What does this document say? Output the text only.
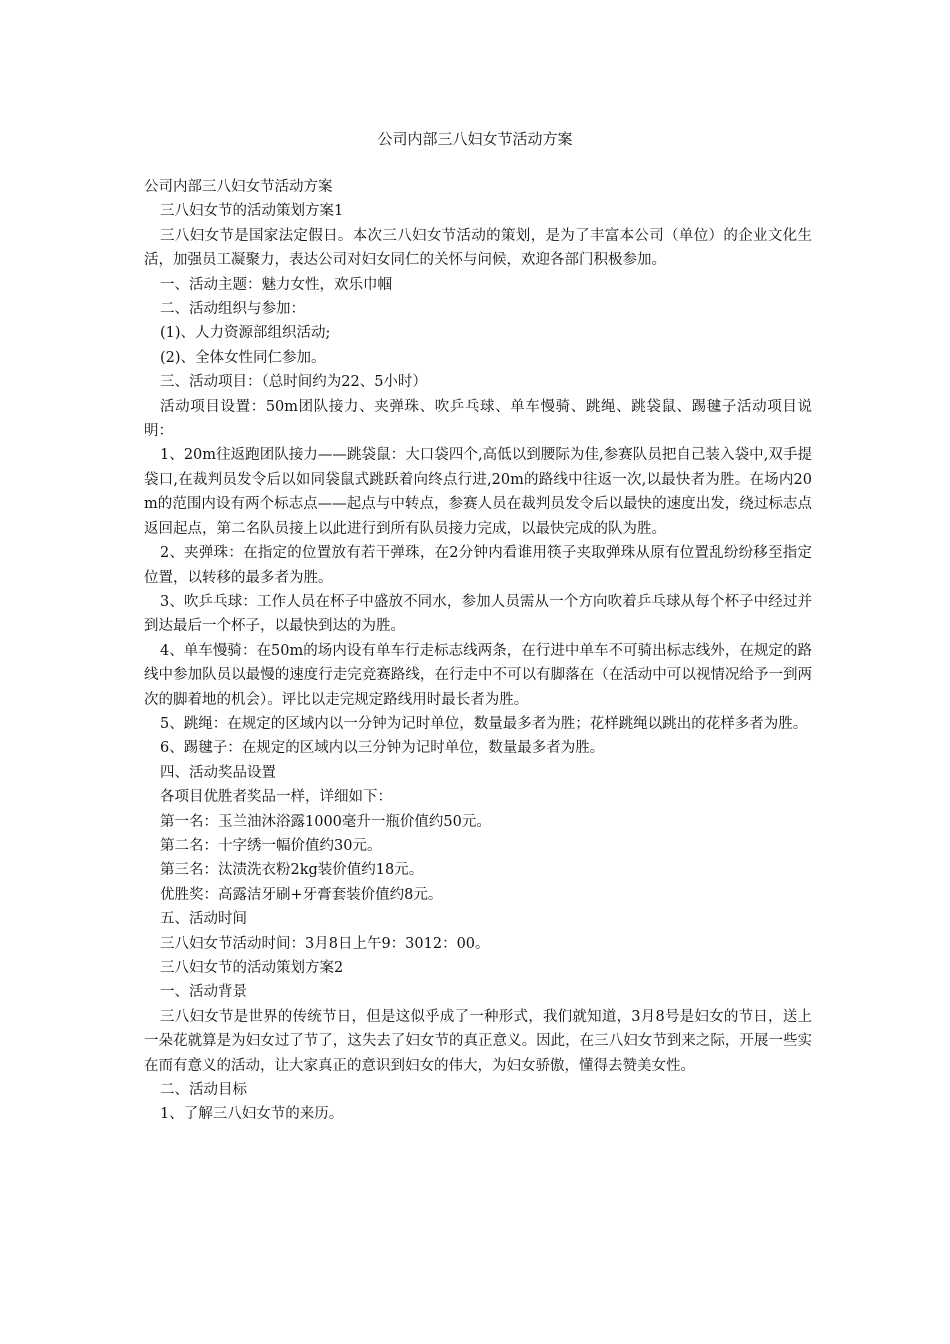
公司内部三八妇女节活动方案

公司内部三八妇女节活动方案

三八妇女节的活动策划方案1

三八妇女节是国家法定假日。本次三八妇女节活动的策划，是为了丰富本公司（单位）的企业文化生活，加强员工凝聚力，表达公司对妇女同仁的关怀与问候，欢迎各部门积极参加。

一、活动主题：魅力女性，欢乐巾帼

二、活动组织与参加：

(1)、人力资源部组织活动;

(2)、全体女性同仁参加。

三、活动项目：（总时间约为22、5小时）

活动项目设置：50m团队接力、夹弹珠、吹乒乓球、单车慢骑、跳绳、跳袋鼠、踢毽子活动项目说明：

1、20m往返跑团队接力——跳袋鼠：大口袋四个,高低以到腰际为佳,参赛队员把自己装入袋中,双手提袋口,在裁判员发令后以如同袋鼠式跳跃着向终点行进,20m的路线中往返一次,以最快者为胜。在场内20m的范围内设有两个标志点——起点与中转点，参赛人员在裁判员发令后以最快的速度出发，绕过标志点返回起点，第二名队员接上以此进行到所有队员接力完成，以最快完成的队为胜。

2、夹弹珠：在指定的位置放有若干弹珠，在2分钟内看谁用筷子夹取弹珠从原有位置乱纷纷移至指定位置，以转移的最多者为胜。

3、吹乒乓球：工作人员在杯子中盛放不同水，参加人员需从一个方向吹着乒乓球从每个杯子中经过并到达最后一个杯子，以最快到达的为胜。

4、单车慢骑：在50m的场内设有单车行走标志线两条，在行进中单车不可骑出标志线外，在规定的路线中参加队员以最慢的速度行走完竞赛路线，在行走中不可以有脚落在（在活动中可以视情况给予一到两次的脚着地的机会）。评比以走完规定路线用时最长者为胜。

5、跳绳：在规定的区域内以一分钟为记时单位，数量最多者为胜；花样跳绳以跳出的花样多者为胜。

6、踢毽子：在规定的区域内以三分钟为记时单位，数量最多者为胜。

四、活动奖品设置

各项目优胜者奖品一样，详细如下：

第一名：玉兰油沐浴露1000毫升一瓶价值约50元。

第二名：十字绣一幅价值约30元。

第三名：汰渍洗衣粉2kg装价值约18元。

优胜奖：高露洁牙刷+牙膏套装价值约8元。

五、活动时间

三八妇女节活动时间：3月8日上午9：3012：00。

三八妇女节的活动策划方案2

一、活动背景

三八妇女节是世界的传统节日，但是这似乎成了一种形式，我们就知道，3月8号是妇女的节日，送上一朵花就算是为妇女过了节了，这失去了妇女节的真正意义。因此，在三八妇女节到来之际，开展一些实在而有意义的活动，让大家真正的意识到妇女的伟大，为妇女骄傲，懂得去赞美女性。

二、活动目标

1、了解三八妇女节的来历。
